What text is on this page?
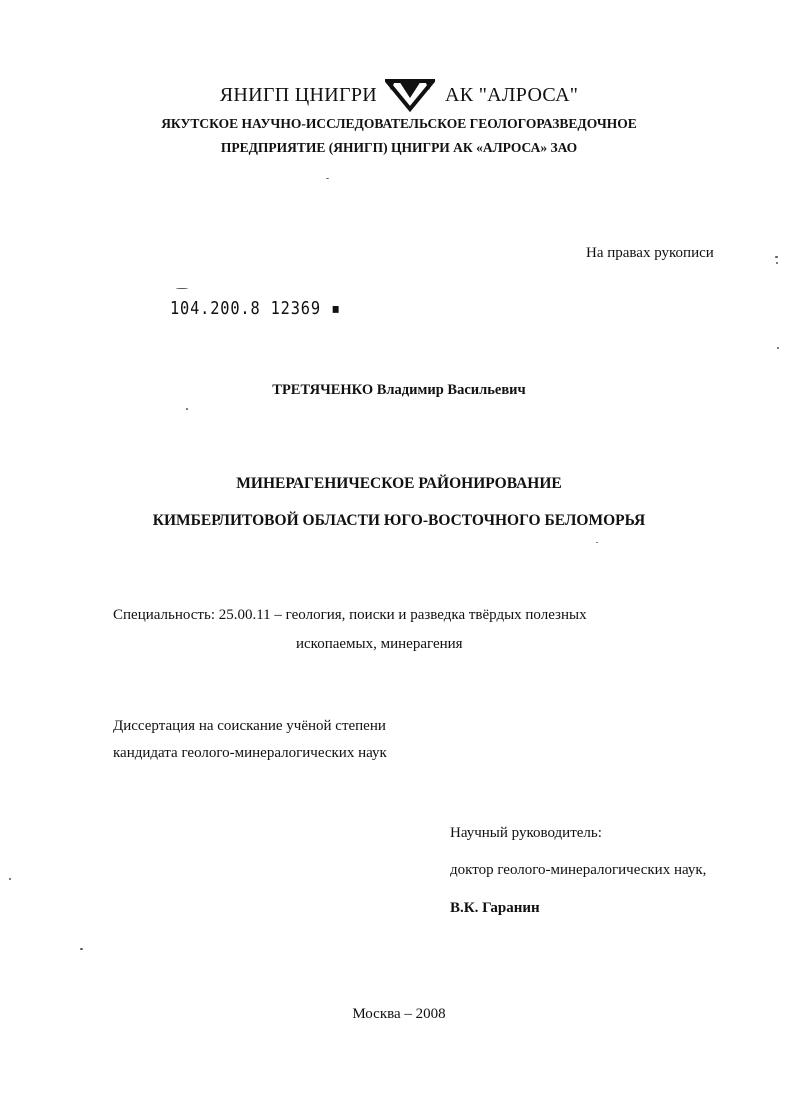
ЯНИГП ЦНИГРИ	АК "АЛРОСА"
ЯКУТСКОЕ НАУЧНО-ИССЛЕДОВАТЕЛЬСКОЕ ГЕОЛОГОРАЗВЕДОЧНОЕ
ПРЕДПРИЯТИЕ (ЯНИГП) ЦНИГРИ АК «АЛРОСА» ЗАО
На правах рукописи
104.200.8 12369 ▪
ТРЕТЯЧЕНКО Владимир Васильевич
МИНЕРАГЕНИЧЕСКОЕ РАЙОНИРОВАНИЕ
КИМБЕРЛИТОВОЙ ОБЛАСТИ ЮГО-ВОСТОЧНОГО БЕЛОМОРЬЯ
Специальность: 25.00.11 – геология, поиски и разведка твёрдых полезных
ископаемых, минерагения
Диссертация на соискание учёной степени
кандидата геолого-минералогических наук
Научный руководитель:
доктор геолого-минералогических наук,
В.К. Гаранин
Москва – 2008
